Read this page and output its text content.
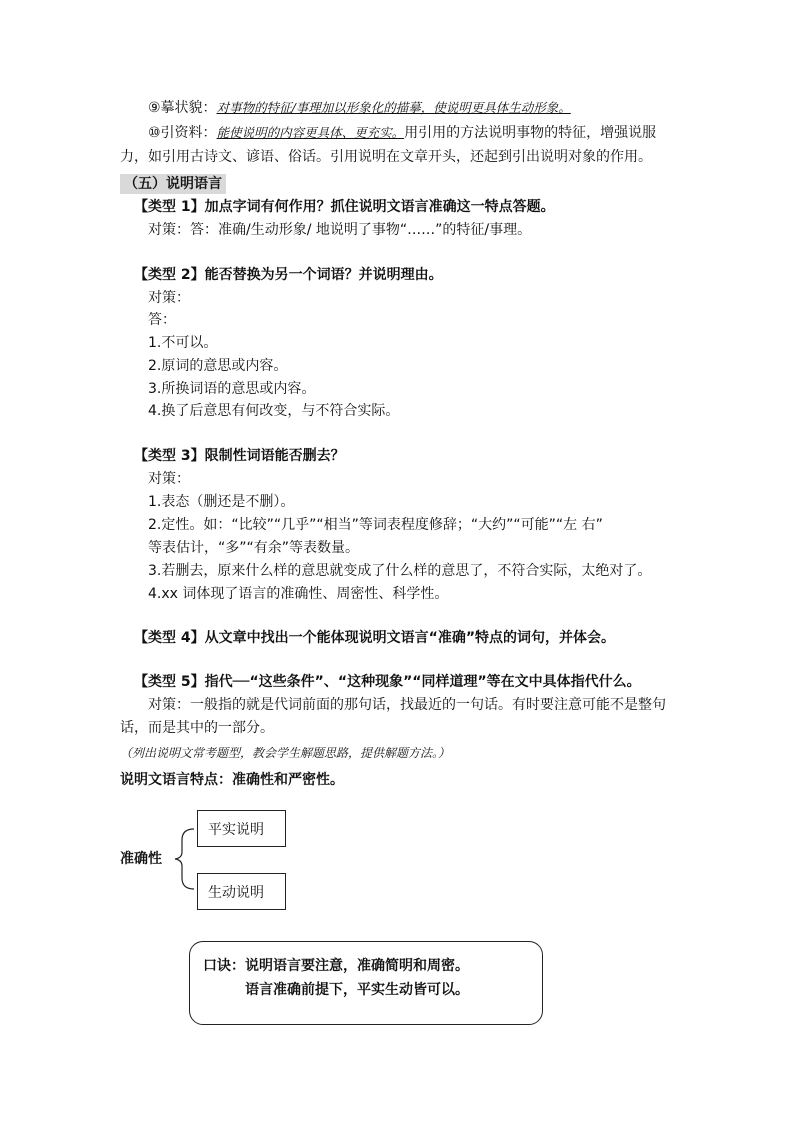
⑨摹状貌：对事物的特征/事理加以形象化的描摹，使说明更具体生动形象。
⑩引资料：能使说明的内容更具体、更充实。用引用的方法说明事物的特征，增强说服
力，如引用古诗文、谚语、俗话。引用说明在文章开头，还起到引出说明对象的作用。
（五）说明语言
【类型 1】加点字词有何作用？抓住说明文语言准确这一特点答题。
对策：答：准确/生动形象/ 地说明了事物“……”的特征/事理。
【类型 2】能否替换为另一个词语？并说明理由。
对策：
答：
1.不可以。
2.原词的意思或内容。
3.所换词语的意思或内容。
4.换了后意思有何改变，与不符合实际。
【类型 3】限制性词语能否删去？
对策：
1.表态（删还是不删）。
2.定性。如：“比较”“几乎”“相当”等词表程度修辞；“大约”“可能”“左 右”
等表估计，“多”“有余”等表数量。
3.若删去，原来什么样的意思就变成了什么样的意思了，不符合实际，太绝对了。
4.xx 词体现了语言的准确性、周密性、科学性。
【类型 4】从文章中找出一个能体现说明文语言“准确”特点的词句，并体会。
【类型 5】指代──“这些条件”、“这种现象”“同样道理”等在文中具体指代什么。
对策：一般指的就是代词前面的那句话，找最近的一句话。有时要注意可能不是整句
话，而是其中的一部分。
（列出说明文常考题型，教会学生解题思路，提供解题方法。）
说明文语言特点：准确性和严密性。
准确性
平实说明
生动说明
口诀：说明语言要注意，准确简明和周密。
语言准确前提下，平实生动皆可以。
